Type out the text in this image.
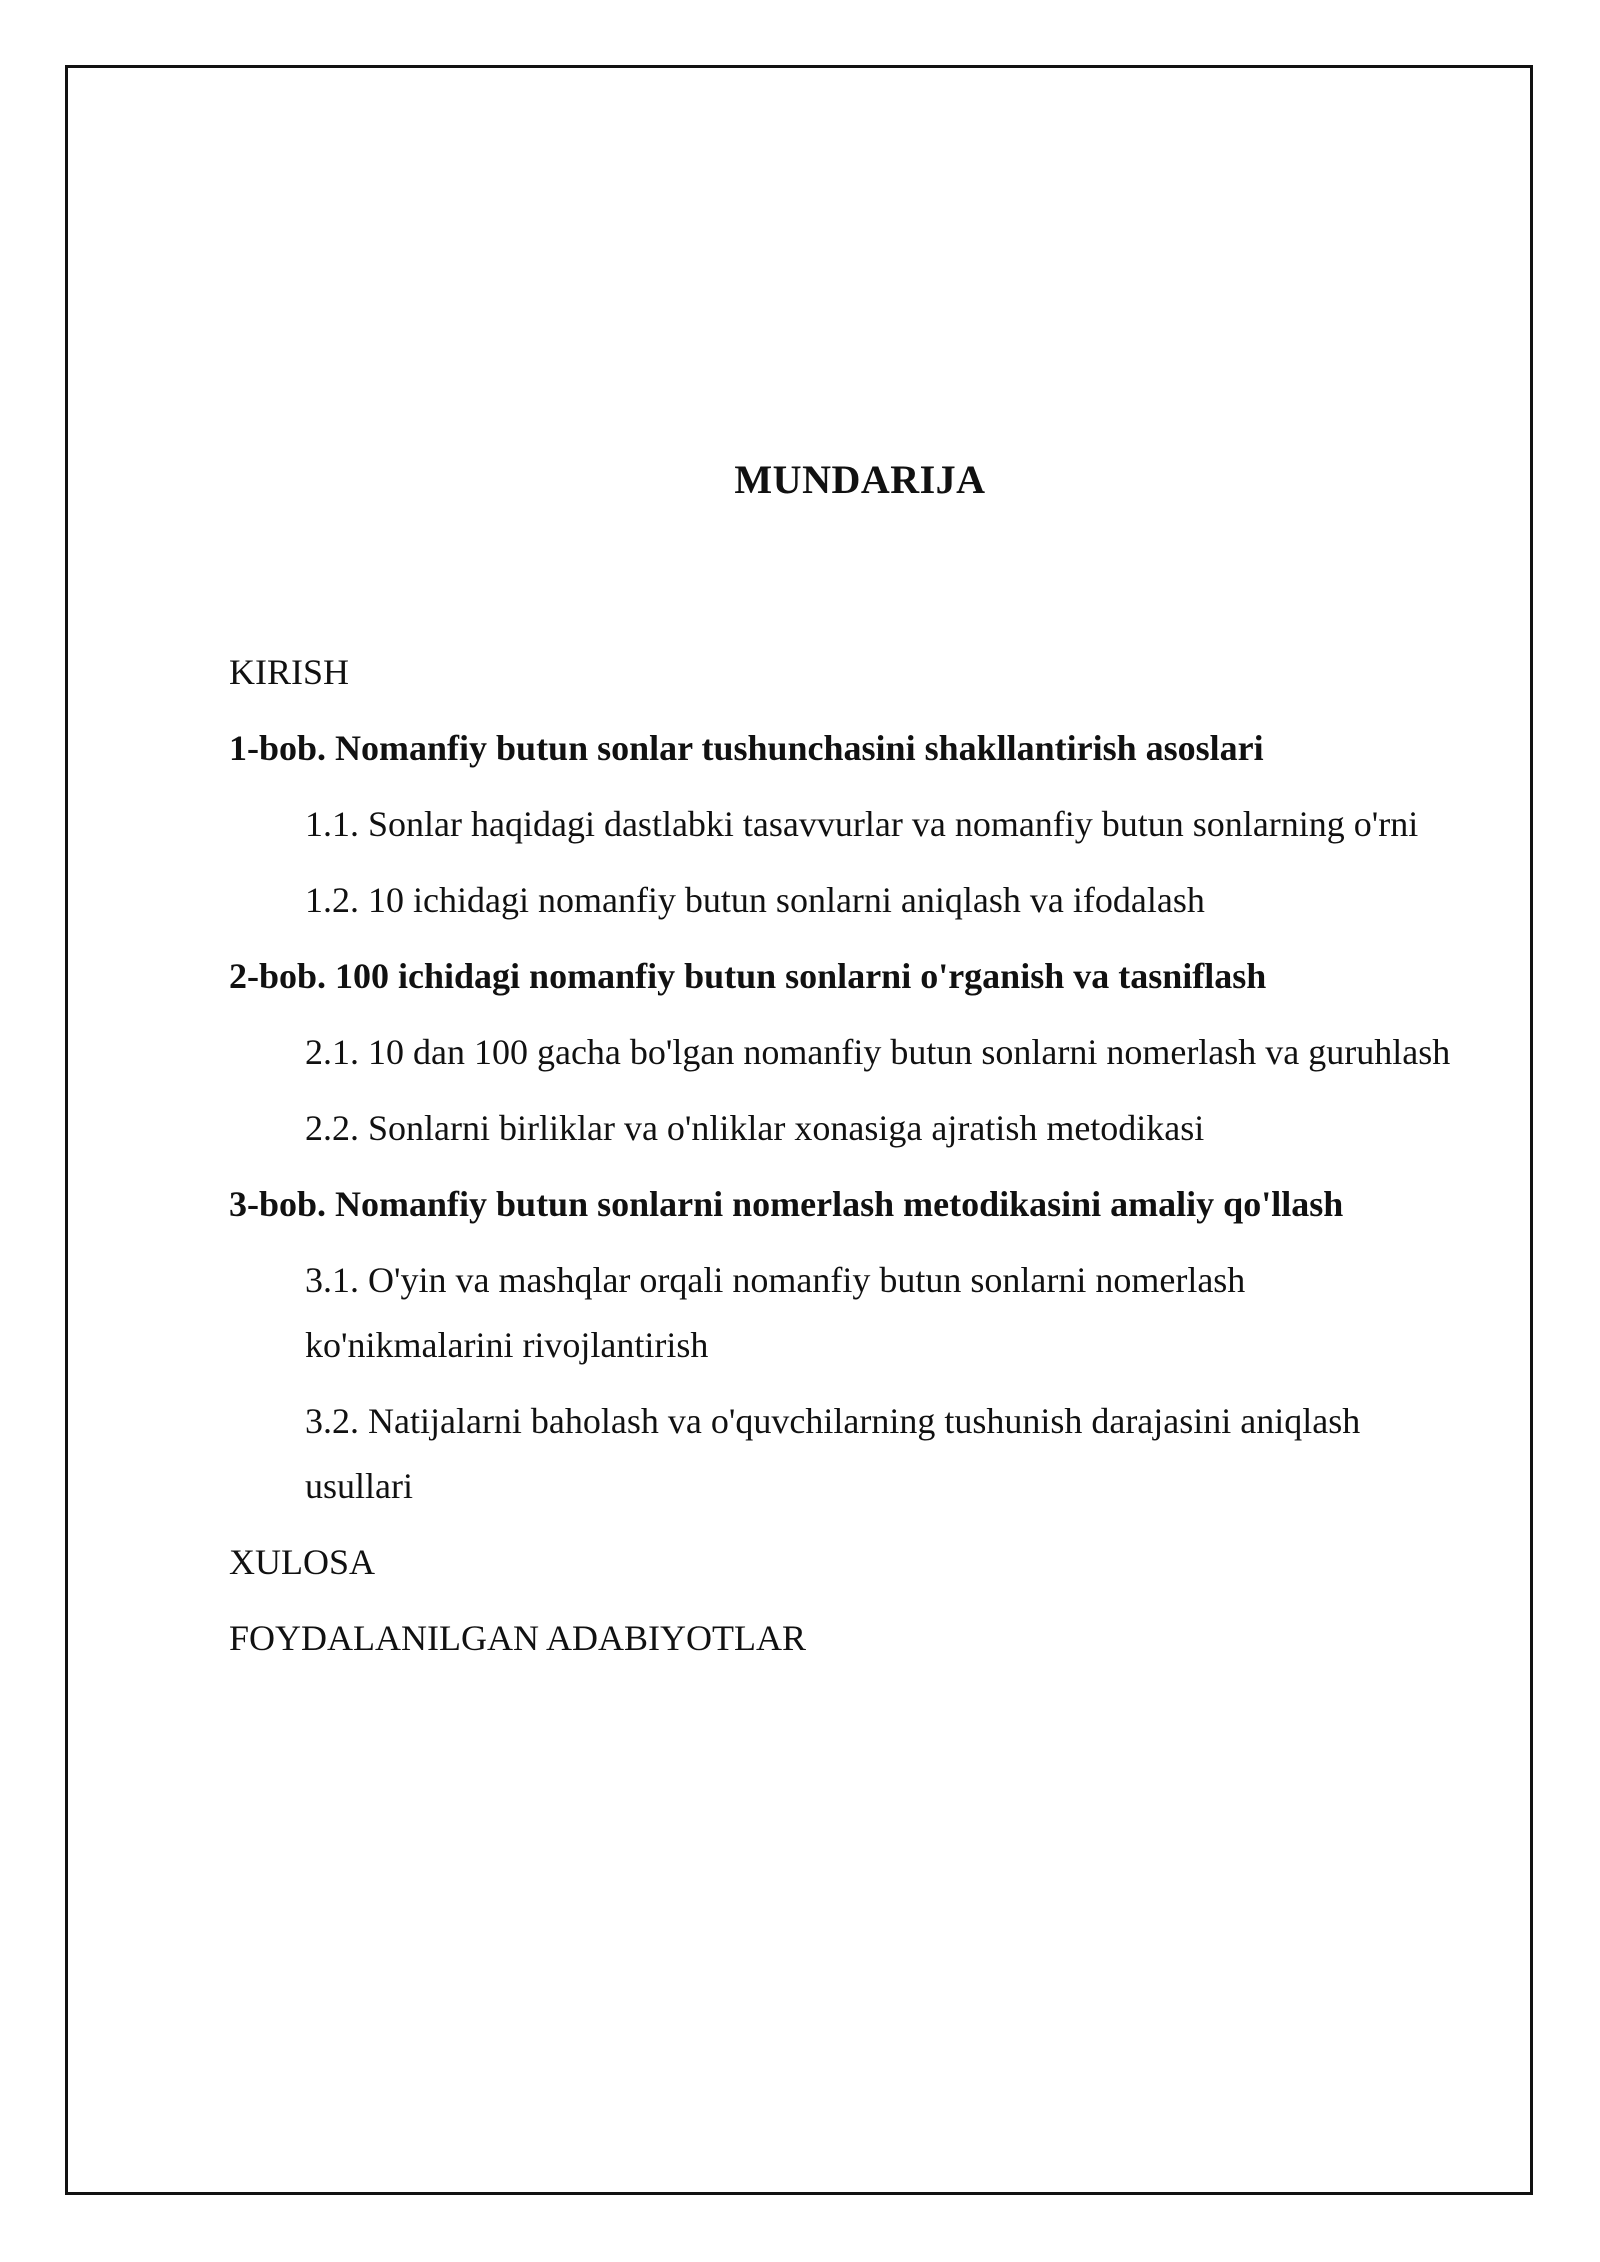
MUNDARIJA
KIRISH
1-bob. Nomanfiy butun sonlar tushunchasini shakllantirish asoslari
1.1. Sonlar haqidagi dastlabki tasavvurlar va nomanfiy butun sonlarning o'rni
1.2. 10 ichidagi nomanfiy butun sonlarni aniqlash va ifodalash
2-bob. 100 ichidagi nomanfiy butun sonlarni o'rganish va tasniflash
2.1. 10 dan 100 gacha bo'lgan nomanfiy butun sonlarni nomerlash va guruhlash
2.2. Sonlarni birliklar va o'nliklar xonasiga ajratish metodikasi
3-bob. Nomanfiy butun sonlarni nomerlash metodikasini amaliy qo'llash
3.1. O'yin va mashqlar orqali nomanfiy butun sonlarni nomerlash ko'nikmalarini rivojlantirish
3.2. Natijalarni baholash va o'quvchilarning tushunish darajasini aniqlash usullari
XULOSA
FOYDALANILGAN ADABIYOTLAR
